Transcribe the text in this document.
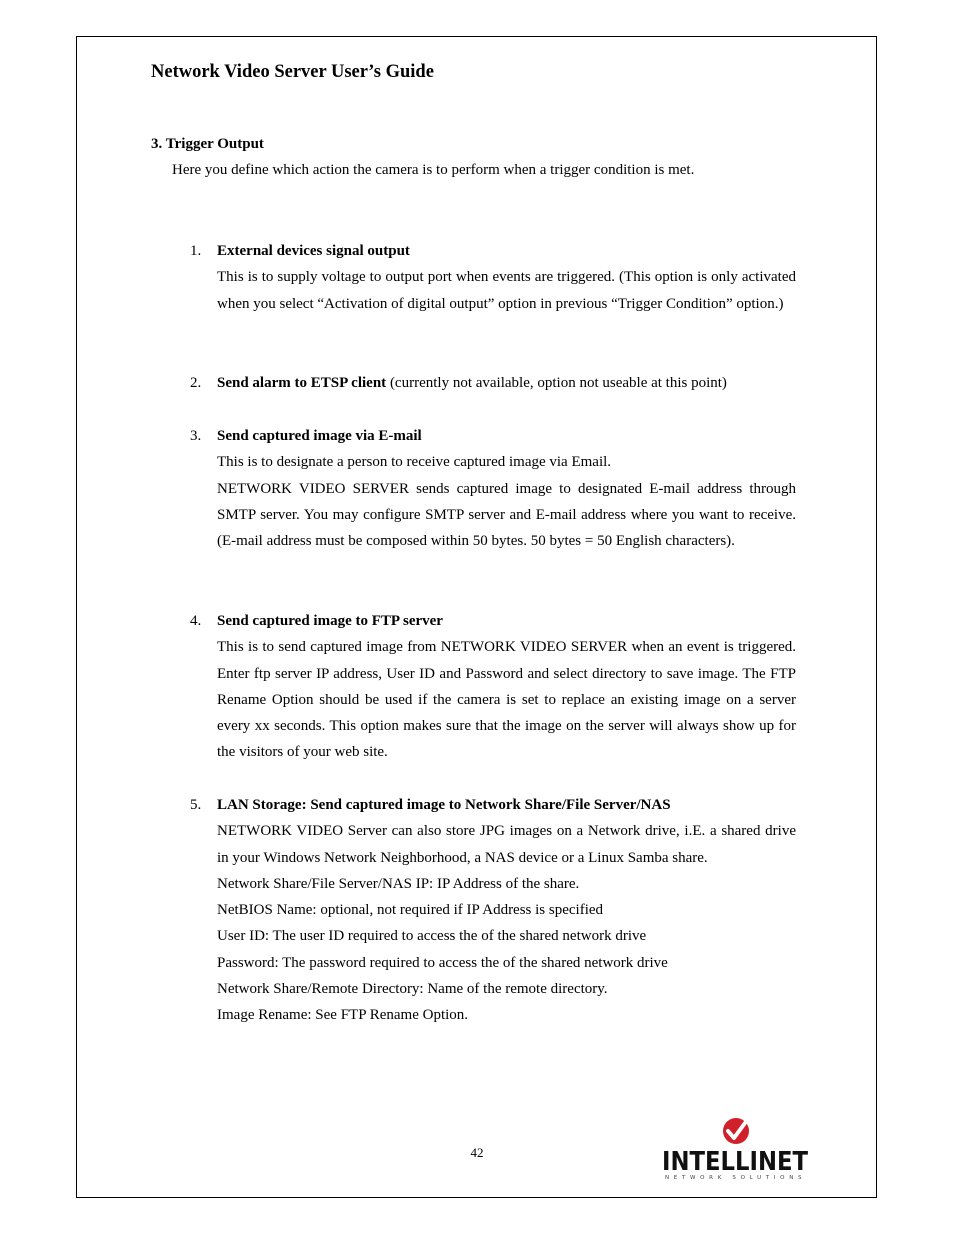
Network Video Server User’s Guide
3. Trigger Output
Here you define which action the camera is to perform when a trigger condition is met.
1.	External devices signal output
This is to supply voltage to output port when events are triggered. (This option is only activated when you select “Activation of digital output” option in previous “Trigger Condition” option.)
2.	Send alarm to ETSP client (currently not available, option not useable at this point)
3.	Send captured image via E-mail
This is to designate a person to receive captured image via Email.
NETWORK VIDEO SERVER sends captured image to designated E-mail address through SMTP server. You may configure SMTP server and E-mail address where you want to receive. (E-mail address must be composed within 50 bytes. 50 bytes = 50 English characters).
4.	Send captured image to FTP server
This is to send captured image from NETWORK VIDEO SERVER when an event is triggered. Enter ftp server IP address, User ID and Password and select directory to save image. The FTP Rename Option should be used if the camera is set to replace an existing image on a server every xx seconds. This option makes sure that the image on the server will always show up for the visitors of your web site.
5.	LAN Storage: Send captured image to Network Share/File Server/NAS
NETWORK VIDEO Server can also store JPG images on a Network drive, i.E. a shared drive in your Windows Network Neighborhood, a NAS device or a Linux Samba share.
Network Share/File Server/NAS IP: IP Address of the share.
NetBIOS Name: optional, not required if IP Address is specified
User ID: The user ID required to access the of the shared network drive
Password: The password required to access the of the shared network drive
Network Share/Remote Directory: Name of the remote directory.
Image Rename: See FTP Rename Option.
42	INTELLINET
NETWORK SOLUTIONS
